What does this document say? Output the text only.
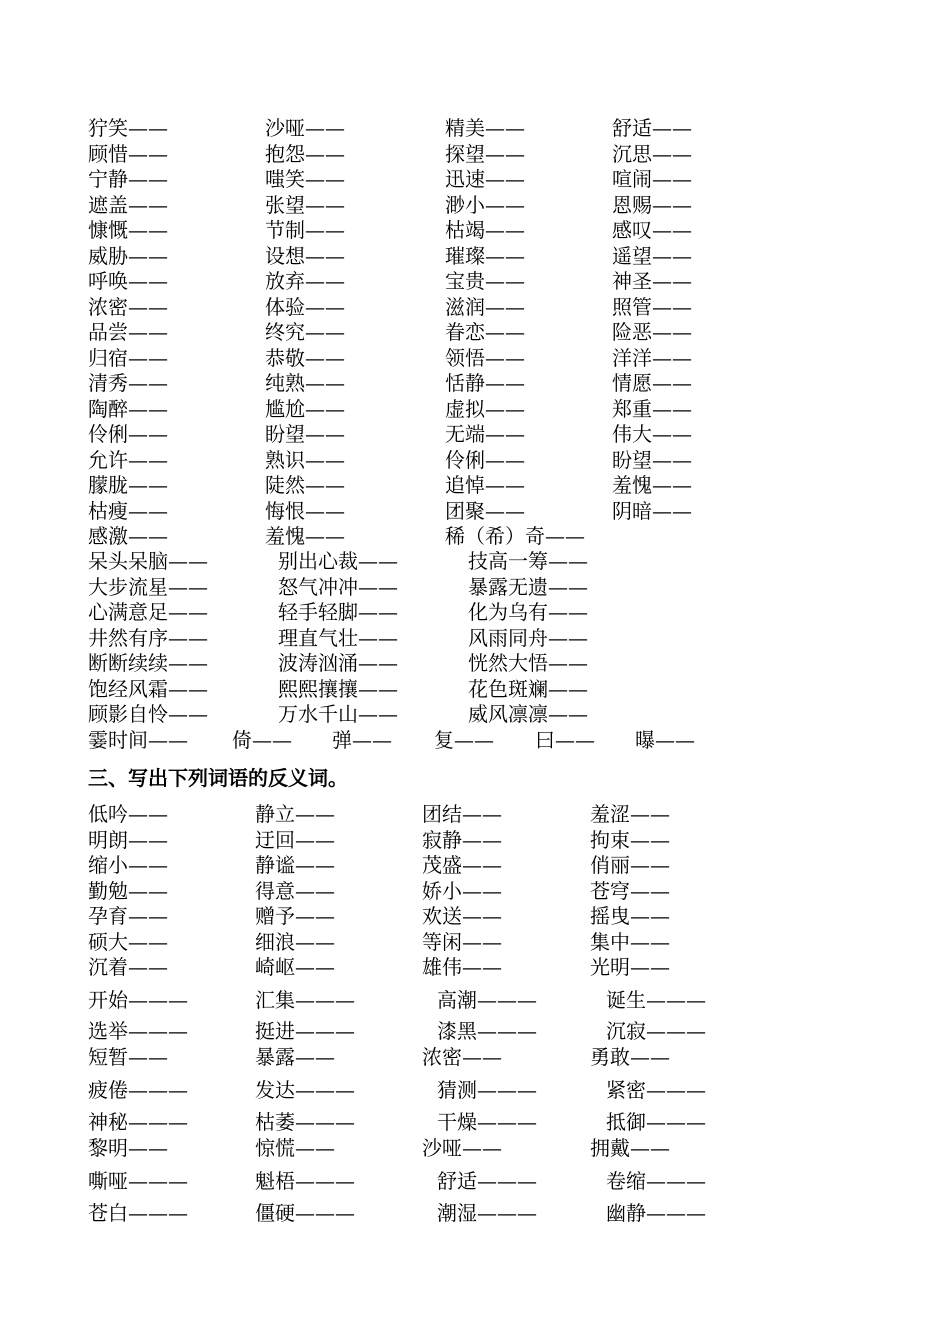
狞笑——	沙哑——	精美——	舒适——
顾惜——	抱怨——	探望——	沉思——
宁静——	嗤笑——	迅速——	喧闹——
遮盖——	张望——	渺小——	恩赐——
慷慨——	节制——	枯竭——	感叹——
威胁——	设想——	璀璨——	遥望——
呼唤——	放弃——	宝贵——	神圣——
浓密——	体验——	滋润——	照管——
品尝——	终究——	眷恋——	险恶——
归宿——	恭敬——	领悟——	洋洋——
清秀——	纯熟——	恬静——	情愿——
陶醉——	尴尬——	虚拟——	郑重——
伶俐——	盼望——	无端——	伟大——
允许——	熟识——	伶俐——	盼望——
朦胧——	陡然——	追悼——	羞愧——
枯瘦——	悔恨——	团聚——	阴暗——
感激——	羞愧——	稀（希）奇——
呆头呆脑——	别出心裁——	技高一筹——
大步流星——	怒气冲冲——	暴露无遗——
心满意足——	轻手轻脚——	化为乌有——
井然有序——	理直气壮——	风雨同舟——
断断续续——	波涛汹涌——	恍然大悟——
饱经风霜——	熙熙攘攘——	花色斑斓——
顾影自怜——	万水千山——	威风凛凛——
霎时间—— 倚—— 弹—— 复—— 曰—— 曝——
三、写出下列词语的反义词。
低吟——	静立——	团结——	羞涩——
明朗——	迂回——	寂静——	拘束——
缩小——	静谧——	茂盛——	俏丽——
勤勉——	得意——	娇小——	苍穹——
孕育——	赠予——	欢送——	摇曳——
硕大——	细浪——	等闲——	集中——
沉着——	崎岖——	雄伟——	光明——
开始———	汇集———	高潮———	诞生———
选举———	挺进———	漆黑———	沉寂———
短暂——	暴露——	浓密——	勇敢——
疲倦———	发达———	猜测———	紧密———
神秘———	枯萎———	干燥———	抵御———
黎明——	惊慌——	沙哑——	拥戴——
嘶哑———	魁梧———	舒适———	卷缩———
苍白———	僵硬———	潮湿———	幽静———
